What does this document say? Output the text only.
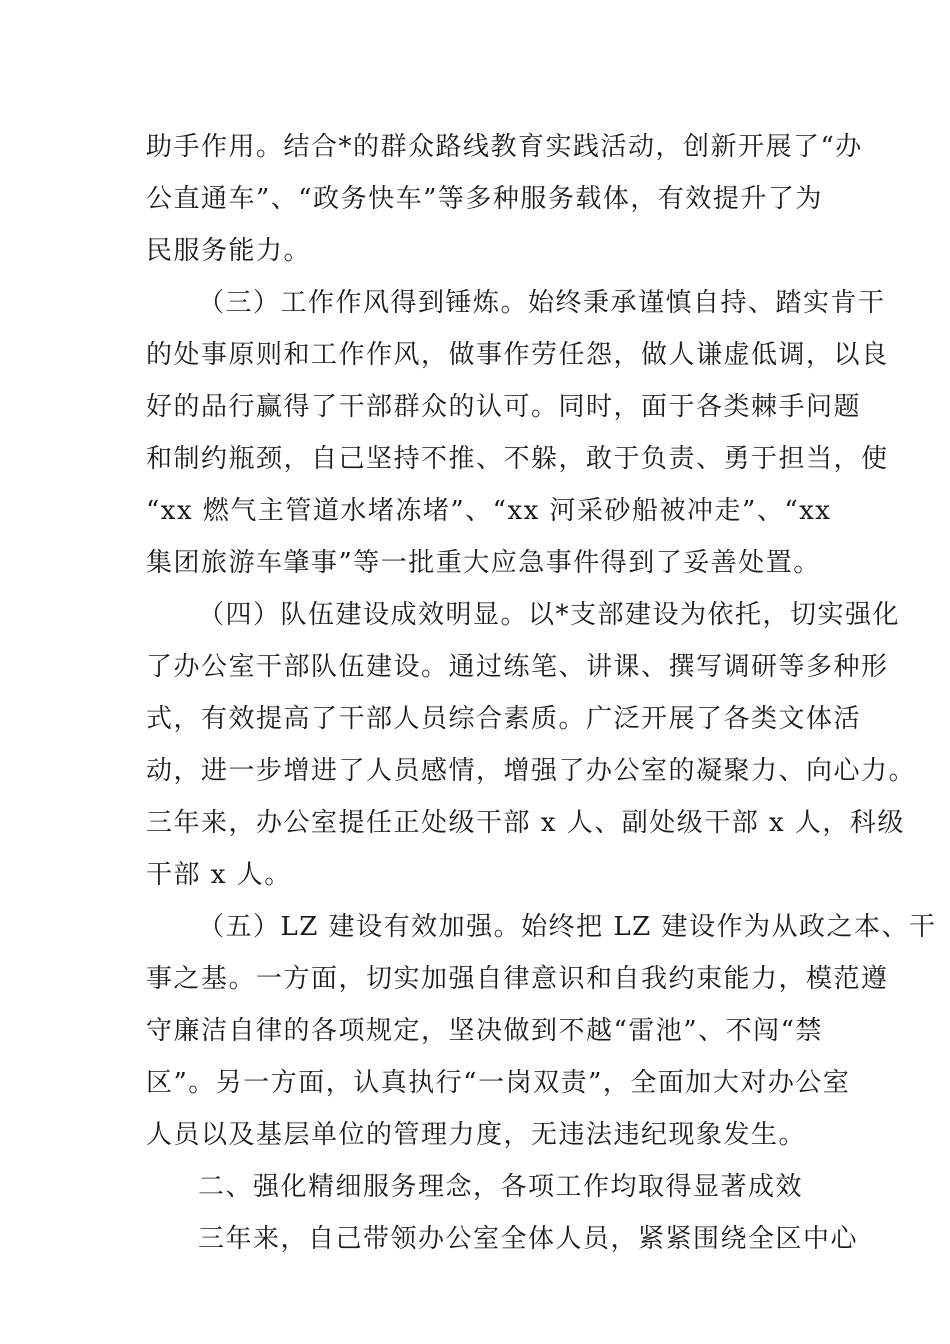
助手作用。结合*的群众路线教育实践活动，创新开展了“办
公直通车”、“政务快车”等多种服务载体，有效提升了为
民服务能力。
（三）工作作风得到锤炼。始终秉承谨慎自持、踏实肯干
的处事原则和工作作风，做事作劳任怨，做人谦虚低调，以良
好的品行赢得了干部群众的认可。同时，面于各类棘手问题
和制约瓶颈，自己坚持不推、不躲，敢于负责、勇于担当，使
“xx 燃气主管道水堵冻堵”、“xx 河采砂船被冲走”、“xx
集团旅游车肇事”等一批重大应急事件得到了妥善处置。
（四）队伍建设成效明显。以*支部建设为依托，切实强化
了办公室干部队伍建设。通过练笔、讲课、撰写调研等多种形
式，有效提高了干部人员综合素质。广泛开展了各类文体活
动，进一步增进了人员感情，增强了办公室的凝聚力、向心力。
三年来，办公室提任正处级干部 x 人、副处级干部 x 人，科级
干部 x 人。
（五）LZ 建设有效加强。始终把 LZ 建设作为从政之本、干
事之基。一方面，切实加强自律意识和自我约束能力，模范遵
守廉洁自律的各项规定，坚决做到不越“雷池”、不闯“禁
区”。另一方面，认真执行“一岗双责”，全面加大对办公室
人员以及基层单位的管理力度，无违法违纪现象发生。
二、强化精细服务理念，各项工作均取得显著成效
三年来，自己带领办公室全体人员，紧紧围绕全区中心
